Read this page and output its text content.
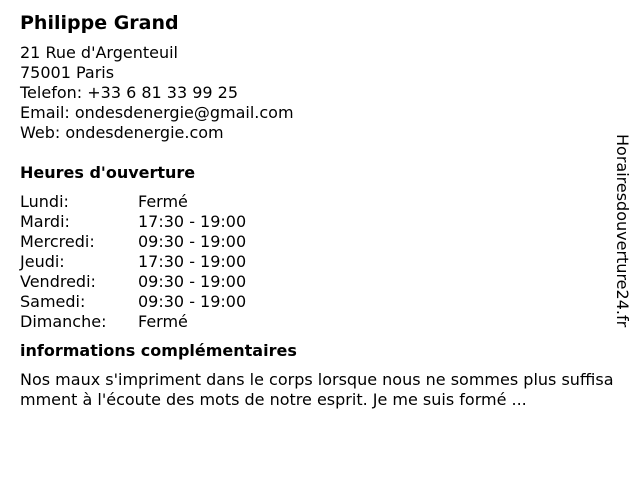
Philippe Grand
21 Rue d'Argenteuil
75001 Paris
Telefon: +33 6 81 33 99 25
Email: ondesdenergie@gmail.com
Web: ondesdenergie.com
Heures d'ouverture
Lundi:	Fermé
Mardi:	17:30 - 19:00
Mercredi:	09:30 - 19:00
Jeudi:	17:30 - 19:00
Vendredi:	09:30 - 19:00
Samedi:	09:30 - 19:00
Dimanche:	Fermé
informations complémentaires
Nos maux s'impriment dans le corps lorsque nous ne sommes plus suffisamment à l'écoute des mots de notre esprit. Je me suis formé ...
Horairesdouverture24.fr
